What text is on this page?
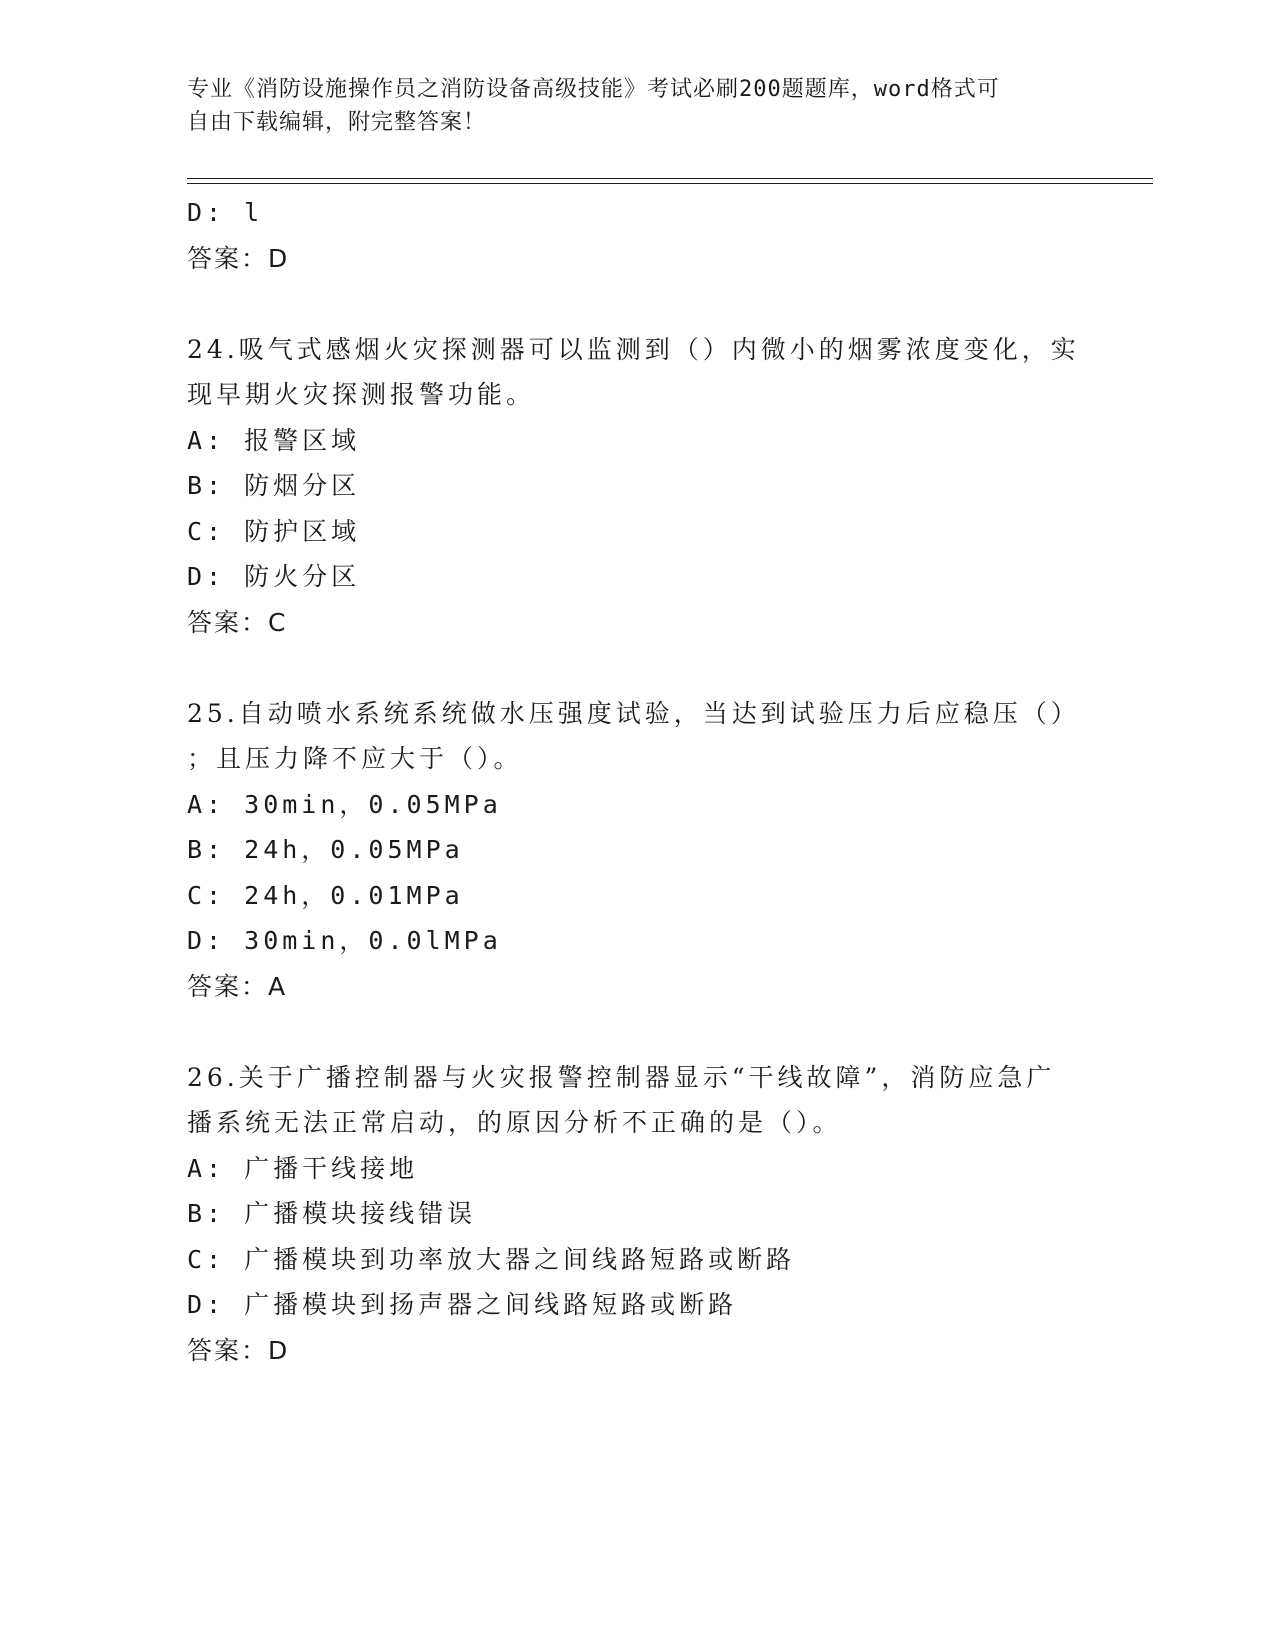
专业《消防设施操作员之消防设备高级技能》考试必刷200题题库，word格式可
自由下载编辑，附完整答案！
D: l
答案：D
24.吸气式感烟火灾探测器可以监测到（）内微小的烟雾浓度变化，实
现早期火灾探测报警功能。
A: 报警区域
B: 防烟分区
C: 防护区域
D: 防火分区
答案：C
25.自动喷水系统系统做水压强度试验，当达到试验压力后应稳压（）
；且压力降不应大于（）。
A: 30min，0.05MPa
B: 24h，0.05MPa
C: 24h，0.01MPa
D: 30min，0.0lMPa
答案：A
26.关于广播控制器与火灾报警控制器显示“干线故障”，消防应急广
播系统无法正常启动，的原因分析不正确的是（）。
A: 广播干线接地
B: 广播模块接线错误
C: 广播模块到功率放大器之间线路短路或断路
D: 广播模块到扬声器之间线路短路或断路
答案：D
